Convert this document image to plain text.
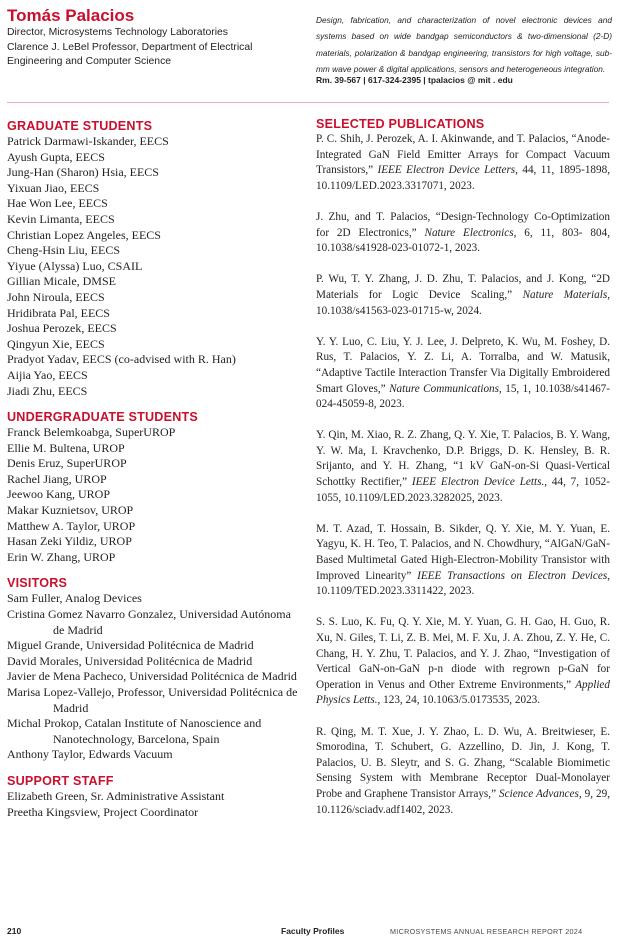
Tomás Palacios
Director, Microsystems Technology Laboratories
Clarence J. LeBel Professor, Department of Electrical Engineering and Computer Science
Design, fabrication, and characterization of novel electronic devices and systems based on wide bandgap semiconductors & two-dimensional (2-D) materials, polarization & bandgap engineering, transistors for high voltage, sub-mm wave power & digital applications, sensors and heterogeneous integration.
Rm. 39-567 | 617-324-2395 | tpalacios @ mit . edu
GRADUATE STUDENTS
Patrick Darmawi-Iskander, EECS
Ayush Gupta, EECS
Jung-Han (Sharon) Hsia, EECS
Yixuan Jiao, EECS
Hae Won Lee, EECS
Kevin Limanta, EECS
Christian Lopez Angeles, EECS
Cheng-Hsin Liu, EECS
Yiyue (Alyssa) Luo, CSAIL
Gillian Micale, DMSE
John Niroula, EECS
Hridibrata Pal, EECS
Joshua Perozek, EECS
Qingyun Xie, EECS
Pradyot Yadav, EECS (co-advised with R. Han)
Aijia Yao, EECS
Jiadi Zhu, EECS
UNDERGRADUATE STUDENTS
Franck Belemkoabga, SuperUROP
Ellie M. Bultena, UROP
Denis Eruz, SuperUROP
Rachel Jiang, UROP
Jeewoo Kang, UROP
Makar Kuznietsov, UROP
Matthew A. Taylor, UROP
Hasan Zeki Yildiz, UROP
Erin W. Zhang, UROP
VISITORS
Sam Fuller, Analog Devices
Cristina Gomez Navarro Gonzalez, Universidad Autónoma de Madrid
Miguel Grande, Universidad Politécnica de Madrid
David Morales, Universidad Politécnica de Madrid
Javier de Mena Pacheco, Universidad Politécnica de Madrid
Marisa Lopez-Vallejo, Professor, Universidad Politécnica de Madrid
Michal Prokop, Catalan Institute of Nanoscience and Nanotechnology, Barcelona, Spain
Anthony Taylor, Edwards Vacuum
SUPPORT STAFF
Elizabeth Green, Sr. Administrative Assistant
Preetha Kingsview, Project Coordinator
SELECTED PUBLICATIONS
P. C. Shih, J. Perozek, A. I. Akinwande, and T. Palacios, “Anode-Integrated GaN Field Emitter Arrays for Compact Vacuum Transistors,” IEEE Electron Device Letters, 44, 11, 1895-1898, 10.1109/LED.2023.3317071, 2023.
J. Zhu, and T. Palacios, “Design-Technology Co-Optimization for 2D Electronics,” Nature Electronics, 6, 11, 803- 804, 10.1038/s41928-023-01072-1, 2023.
P. Wu, T. Y. Zhang, J. D. Zhu, T. Palacios, and J. Kong, “2D Materials for Logic Device Scaling,” Nature Materials, 10.1038/s41563-023-01715-w, 2024.
Y. Y. Luo, C. Liu, Y. J. Lee, J. Delpreto, K. Wu, M. Foshey, D. Rus, T. Palacios, Y. Z. Li, A. Torralba, and W. Matusik, “Adaptive Tactile Interaction Transfer Via Digitally Embroidered Smart Gloves,” Nature Communications, 15, 1, 10.1038/s41467-024-45059-8, 2023.
Y. Qin, M. Xiao, R. Z. Zhang, Q. Y. Xie, T. Palacios, B. Y. Wang, Y. W. Ma, I. Kravchenko, D.P. Briggs, D. K. Hensley, B. R. Srijanto, and Y. H. Zhang, “1 kV GaN-on-Si Quasi-Vertical Schottky Rectifier,” IEEE Electron Device Letts., 44, 7, 1052- 1055, 10.1109/LED.2023.3282025, 2023.
M. T. Azad, T. Hossain, B. Sikder, Q. Y. Xie, M. Y. Yuan, E. Yagyu, K. H. Teo, T. Palacios, and N. Chowdhury, “AlGaN/GaN-Based Multimetal Gated High-Electron-Mobility Transistor with Improved Linearity” IEEE Transactions on Electron Devices, 10.1109/TED.2023.3311422, 2023.
S. S. Luo, K. Fu, Q. Y. Xie, M. Y. Yuan, G. H. Gao, H. Guo, R. Xu, N. Giles, T. Li, Z. B. Mei, M. F. Xu, J. A. Zhou, Z. Y. He, C. Chang, H. Y. Zhu, T. Palacios, and Y. J. Zhao, “Investigation of Vertical GaN-on-GaN p-n diode with regrown p-GaN for Operation in Venus and Other Extreme Environments,” Applied Physics Letts., 123, 24, 10.1063/5.0173535, 2023.
R. Qing, M. T. Xue, J. Y. Zhao, L. D. Wu, A. Breitwieser, E. Smorodina, T. Schubert, G. Azzellino, D. Jin, J. Kong, T. Palacios, U. B. Sleytr, and S. G. Zhang, “Scalable Biomimetic Sensing System with Membrane Receptor Dual-Monolayer Probe and Graphene Transistor Arrays,” Science Advances, 9, 29, 10.1126/sciadv.adf1402, 2023.
210	Faculty Profiles	MICROSYSTEMS ANNUAL RESEARCH REPORT 2024
